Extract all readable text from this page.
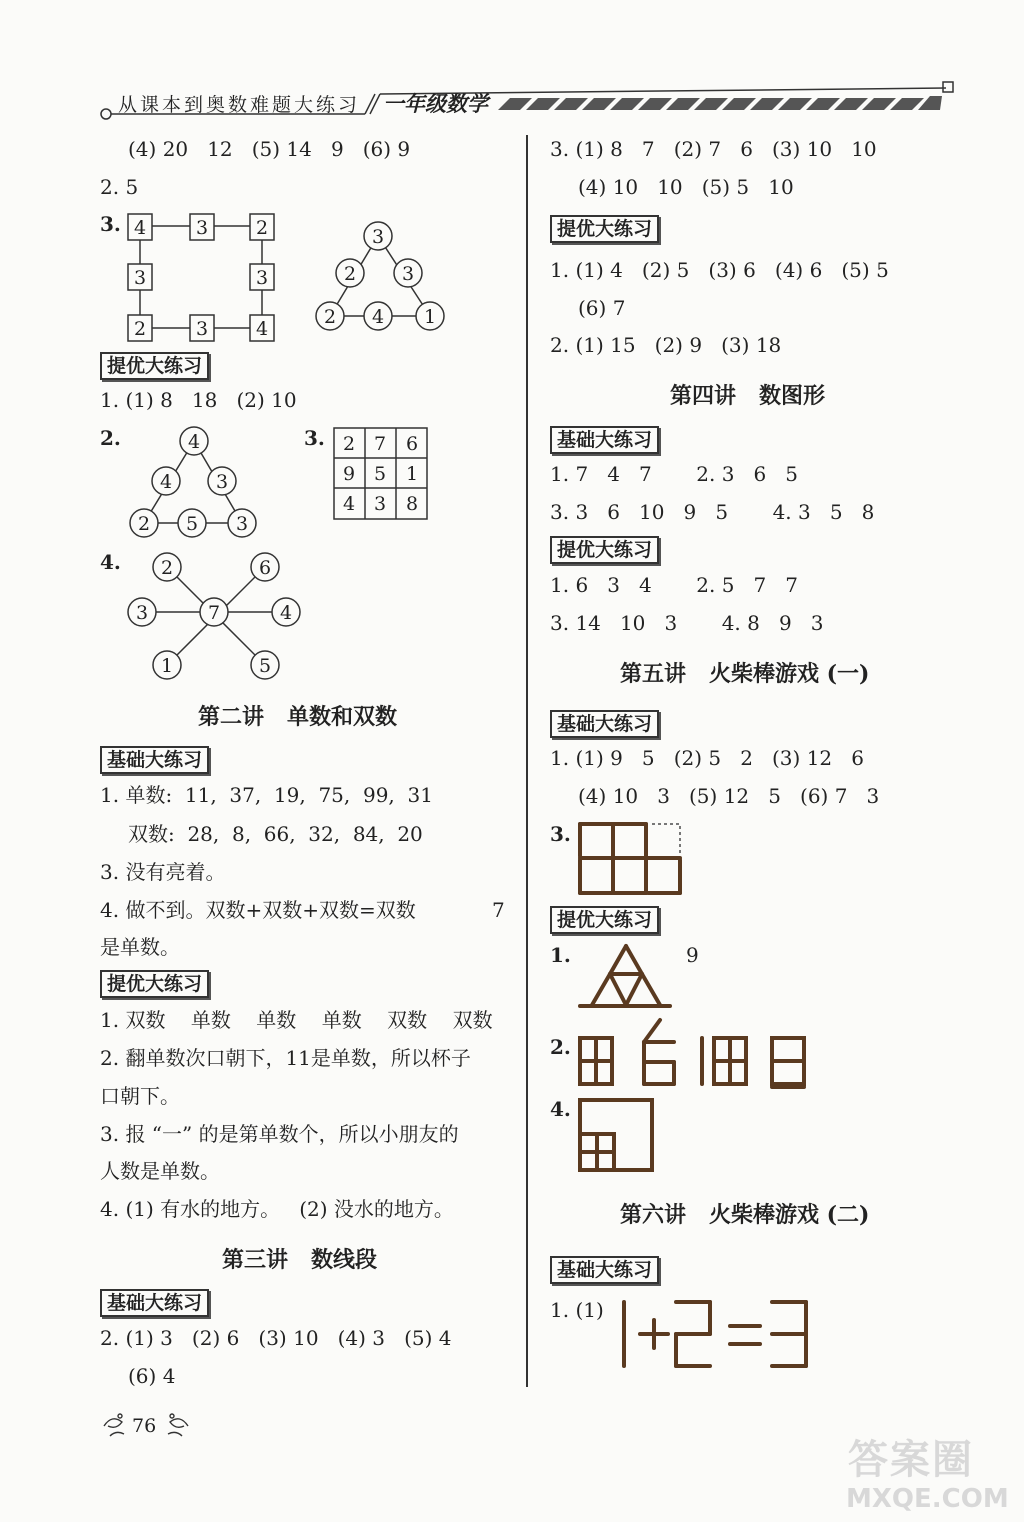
从课本到奥数难题大练习 一年级数学
(4) 20   12   (5) 14   9   (6) 9
2. 5
3. 4	3	2
3	3
2	3	4
3
2 3
2 4 1
提优大练习
1. (1) 8   18   (2) 10
2.	4
4 3
2 5 3
3. 2 7 6
9 5 1
4 3 8
4. 2	6
3	7	4
1	5
第二讲   单数和双数
基础大练习
1. 单数:  11,  37,  19,  75,  99,  31
双数:  28,  8,  66,  32,  84,  20
3. 没有亮着。
4. 做不到。双数+双数+双数=双数	7
是单数。
提优大练习
1. 双数    单数    单数    单数    双数    双数
2. 翻单数次口朝下，11是单数，所以杯子
口朝下。
3. 报 “一” 的是第单数个，所以小朋友的
人数是单数。
4. (1) 有水的地方。   (2) 没水的地方。
第三讲   数线段
基础大练习
2. (1) 3   (2) 6   (3) 10   (4) 3   (5) 4
(6) 4
76
3. (1) 8   7   (2) 7   6   (3) 10   10
(4) 10   10   (5) 5   10
提优大练习
1. (1) 4   (2) 5   (3) 6   (4) 6   (5) 5
(6) 7
2. (1) 15   (2) 9   (3) 18
第四讲   数图形
基础大练习
1. 7   4   7       2. 3   6   5
3. 3   6   10   9   5       4. 3   5   8
提优大练习
1. 6   3   4       2. 5   7   7
3. 14   10   3       4. 8   9   3
第五讲   火柴棒游戏 (一)
基础大练习
1. (1) 9   5   (2) 5   2   (3) 12   6
(4) 10   3   (5) 12   5   (6) 7   3
3.
提优大练习
1.	9
2.
4.
第六讲   火柴棒游戏 (二)
基础大练习
1. (1)
答案圈
MXQE.COM
